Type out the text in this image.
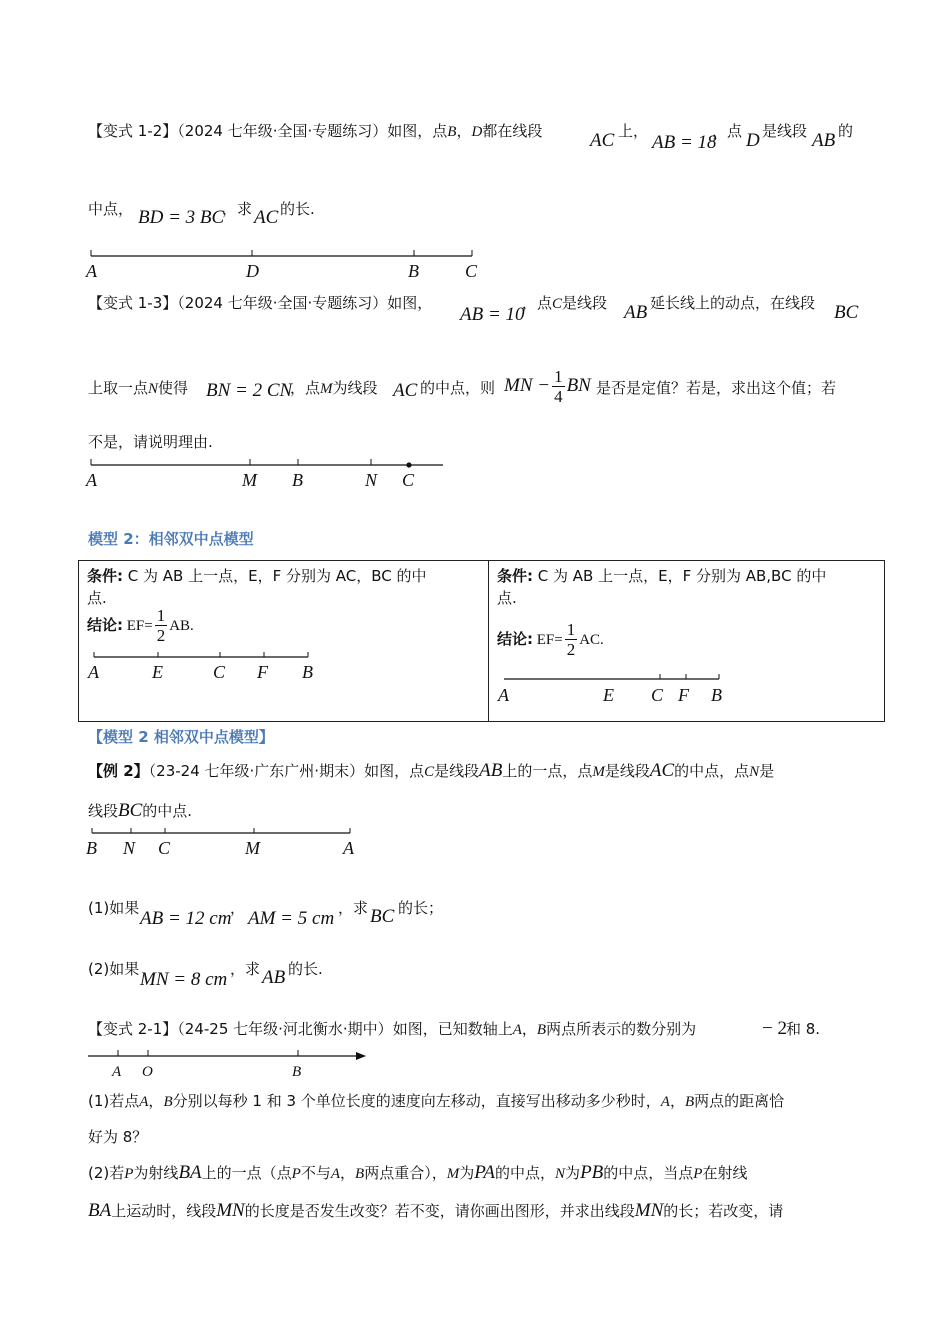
【变式 1-2】（2024 七年级·全国·专题练习）如图，点B，D都在线段	AC 上，
AB = 18
，点 D 是线段 AB 的
中点， BD = 3 BC
，求 AC 的长.
A	D	B	C
【变式 1-3】（2024 七年级·全国·专题练习）如图，
AB = 10
，点C是线段 AB 延长线上的动点，在线段 BC
上取一点N使得 BN = 2 CN
，点M为线段 AC 的中点，则 MN − $\frac{1}{4}$ BN 是否是定值？若是，求出这个值；若
不是，请说明理由.
A	M B	N C
模型 2：相邻双中点模型
条件: C 为 AB 上一点，E，F 分别为 AC，BC 的中
点.
结论: $EF= \frac{1}{2}$ AB.
A	E	C F B
条件: C 为 AB 上一点，E，F 分别为 AB,BC 的中
点.
结论: $EF= \frac{1}{2}$ AC.
A	E C F B
【模型 2 相邻双中点模型】
【例 2】（23-24 七年级·广东广州·期末）如图，点C是线段AB上的一点，点M是线段AC的中点，点N是
线段BC的中点.
B N C	M	A
(1)如果 AB = 12 cm
， AM = 5 cm ，求 BC 的长；
(2)如果 MN = 8 cm ，求 AB 的长.
【变式 2-1】（24-25 七年级·河北衡水·期中）如图，已知数轴上A，B两点所表示的数分别为	− 2 和 8.
A O	B
(1)若点A，B分别以每秒 1 和 3 个单位长度的速度向左移动，直接写出移动多少秒时，A，B两点的距离恰
好为 8？
(2)若P为射线BA上的一点（点P不与A，B两点重合），M为PA的中点，N为PB的中点，当点P在射线
BA上运动时，线段MN的长度是否发生改变？若不变，请你画出图形，并求出线段MN的长；若改变，请
